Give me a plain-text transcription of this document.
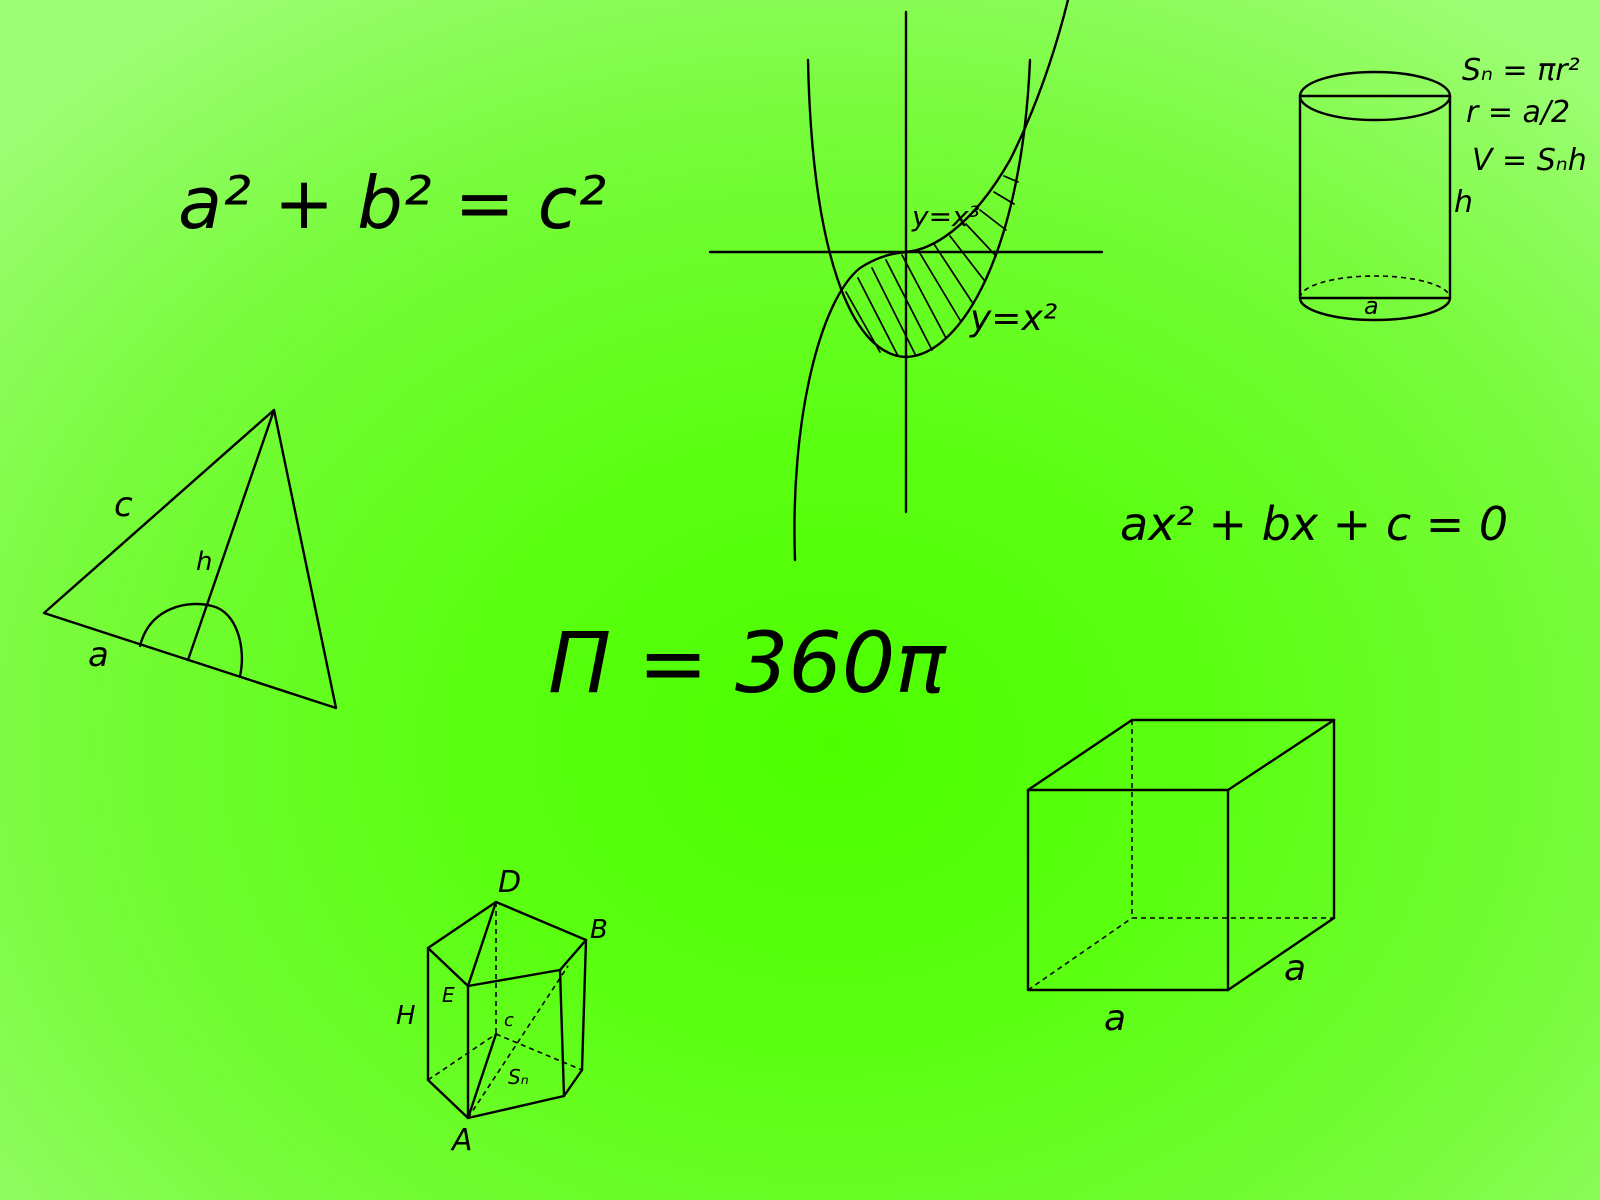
a² + b² = c²
Π = 360π
ax² + bx + c = 0
y=x³
y=x²
h
a
Sₙ = πr²
r = a/2
V = Sₙh
c
a
h
a
a
D
B
E
c
A
H
Sₙ
